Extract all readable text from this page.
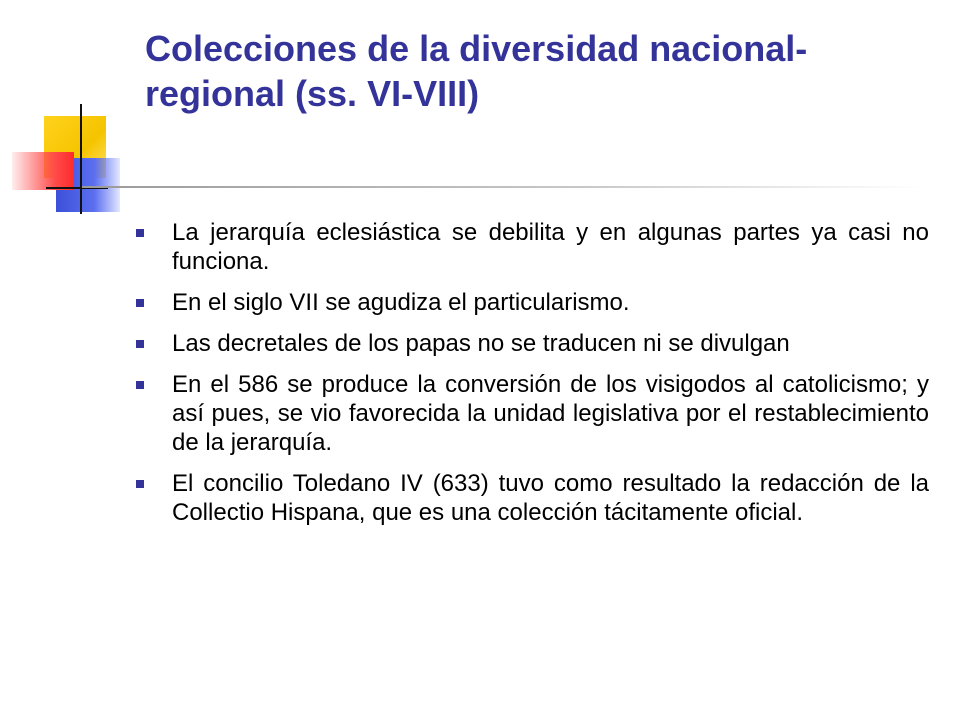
Colecciones de la diversidad nacional-regional (ss. VI-VIII)
La jerarquía eclesiástica se debilita y en algunas partes ya casi no funciona.
En el siglo VII se agudiza el particularismo.
Las decretales de los papas no se traducen ni se divulgan
En el 586 se produce la conversión de los visigodos al catolicismo; y así pues, se vio favorecida la unidad legislativa por el restablecimiento de la jerarquía.
El concilio Toledano IV (633) tuvo como resultado la redacción de la Collectio Hispana, que es una colección tácitamente oficial.
